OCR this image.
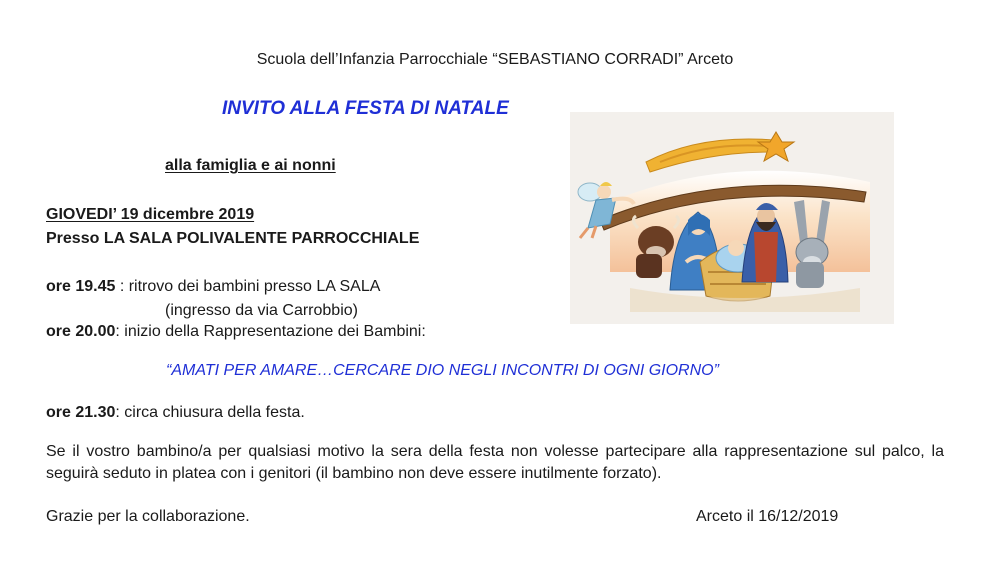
Scuola dell’Infanzia Parrocchiale “SEBASTIANO CORRADI” Arceto
INVITO ALLA FESTA DI NATALE
alla famiglia e ai nonni
GIOVEDI’ 19 dicembre 2019
Presso LA SALA POLIVALENTE PARROCCHIALE
ore 19.45 : ritrovo dei bambini presso LA SALA
(ingresso da via Carrobbio)
ore 20.00: inizio della Rappresentazione dei Bambini:
“AMATI PER AMARE…CERCARE DIO NEGLI INCONTRI DI OGNI GIORNO”
ore 21.30: circa chiusura della festa.
Se il vostro bambino/a per qualsiasi motivo la sera della festa non volesse partecipare alla rappresentazione sul palco, la seguirà seduto in platea con i genitori (il bambino non deve essere inutilmente forzato).
Grazie per la collaborazione.	Arceto il 16/12/2019
